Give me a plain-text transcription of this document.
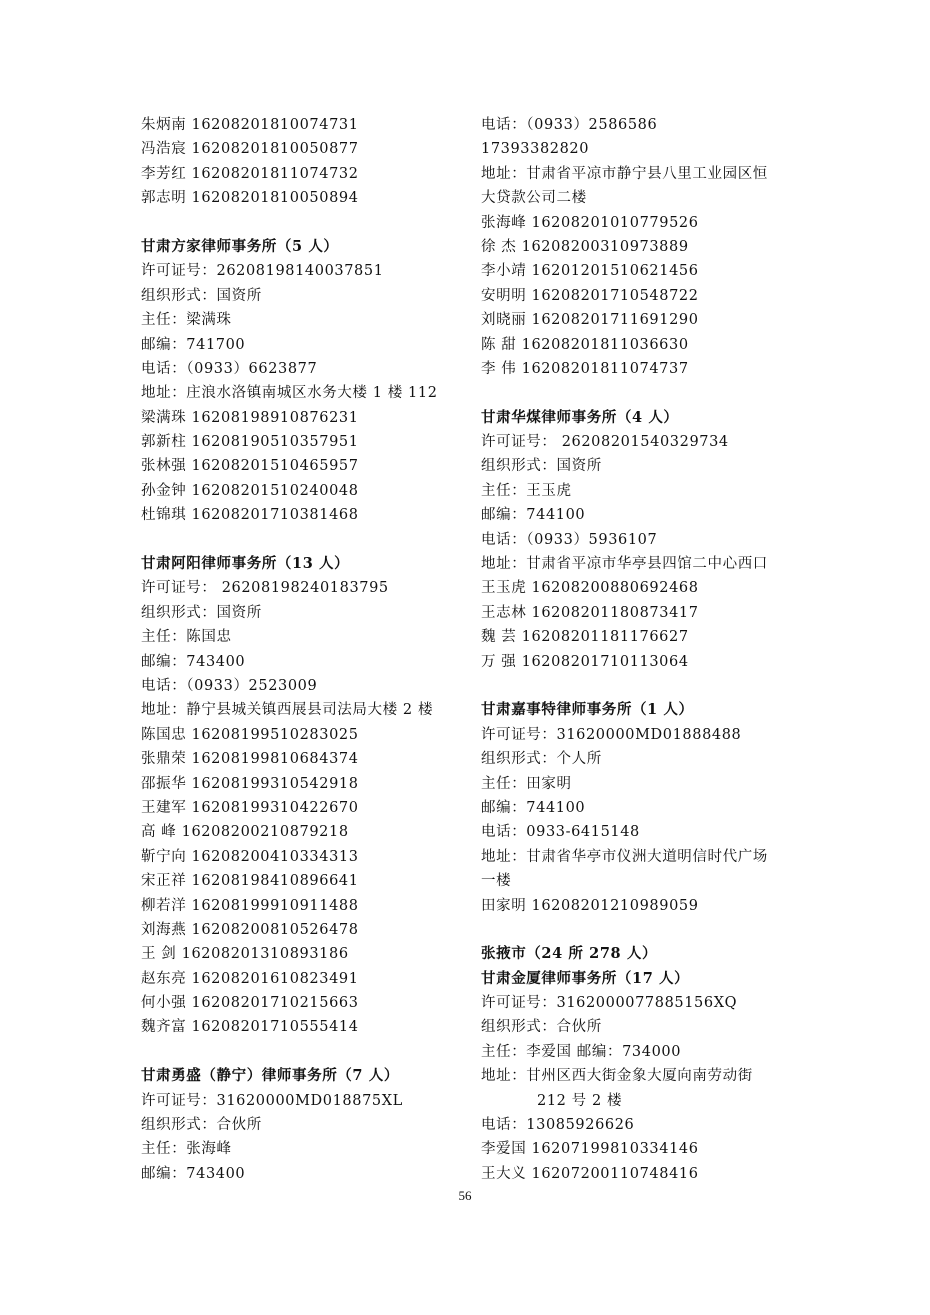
朱炳南 16208201810074731
冯浩宸 16208201810050877
李芳红 16208201811074732
郭志明 16208201810050894
甘肃方家律师事务所（5 人）
许可证号：26208198140037851
组织形式：国资所
主任：梁满珠
邮编：741700
电话：（0933）6623877
地址：庄浪水洛镇南城区水务大楼 1 楼 112
梁满珠 16208198910876231
郭新柱 16208190510357951
张林强 16208201510465957
孙金钟 16208201510240048
杜锦琪 16208201710381468
甘肃阿阳律师事务所（13 人）
许可证号： 26208198240183795
组织形式：国资所
主任：陈国忠
邮编：743400
电话：（0933）2523009
地址：静宁县城关镇西展县司法局大楼 2 楼
陈国忠 16208199510283025
张鼎荣 16208199810684374
邵振华 16208199310542918
王建军 16208199310422670
高 峰 16208200210879218
靳宁向 16208200410334313
宋正祥 16208198410896641
柳若洋 16208199910911488
刘海燕 16208200810526478
王 剑 16208201310893186
赵东亮 16208201610823491
何小强 16208201710215663
魏齐富 16208201710555414
甘肃勇盛（静宁）律师事务所（7 人）
许可证号：31620000MD018875XL
组织形式：合伙所
主任：张海峰
邮编：743400
电话：（0933）2586586
17393382820
地址：甘肃省平凉市静宁县八里工业园区恒
大贷款公司二楼
张海峰 16208201010779526
徐 杰 16208200310973889
李小靖 16201201510621456
安明明 16208201710548722
刘晓丽 16208201711691290
陈 甜 16208201811036630
李 伟 16208201811074737
甘肃华煤律师事务所（4 人）
许可证号： 26208201540329734
组织形式：国资所
主任：王玉虎
邮编：744100
电话：（0933）5936107
地址：甘肃省平凉市华亭县四馆二中心西口
王玉虎 16208200880692468
王志林 16208201180873417
魏 芸 16208201181176627
万 强 16208201710113064
甘肃嘉事特律师事务所（1 人）
许可证号：31620000MD01888488
组织形式：个人所
主任：田家明
邮编：744100
电话：0933-6415148
地址：甘肃省华亭市仪洲大道明信时代广场
一楼
田家明 16208201210989059
张掖市（24 所 278 人）
甘肃金厦律师事务所（17 人）
许可证号：3162000077885156XQ
组织形式：合伙所
主任：李爱国 邮编：734000
地址：甘州区西大街金象大厦向南劳动街
212 号 2 楼
电话：13085926626
李爱国 16207199810334146
王大义 16207200110748416
56
